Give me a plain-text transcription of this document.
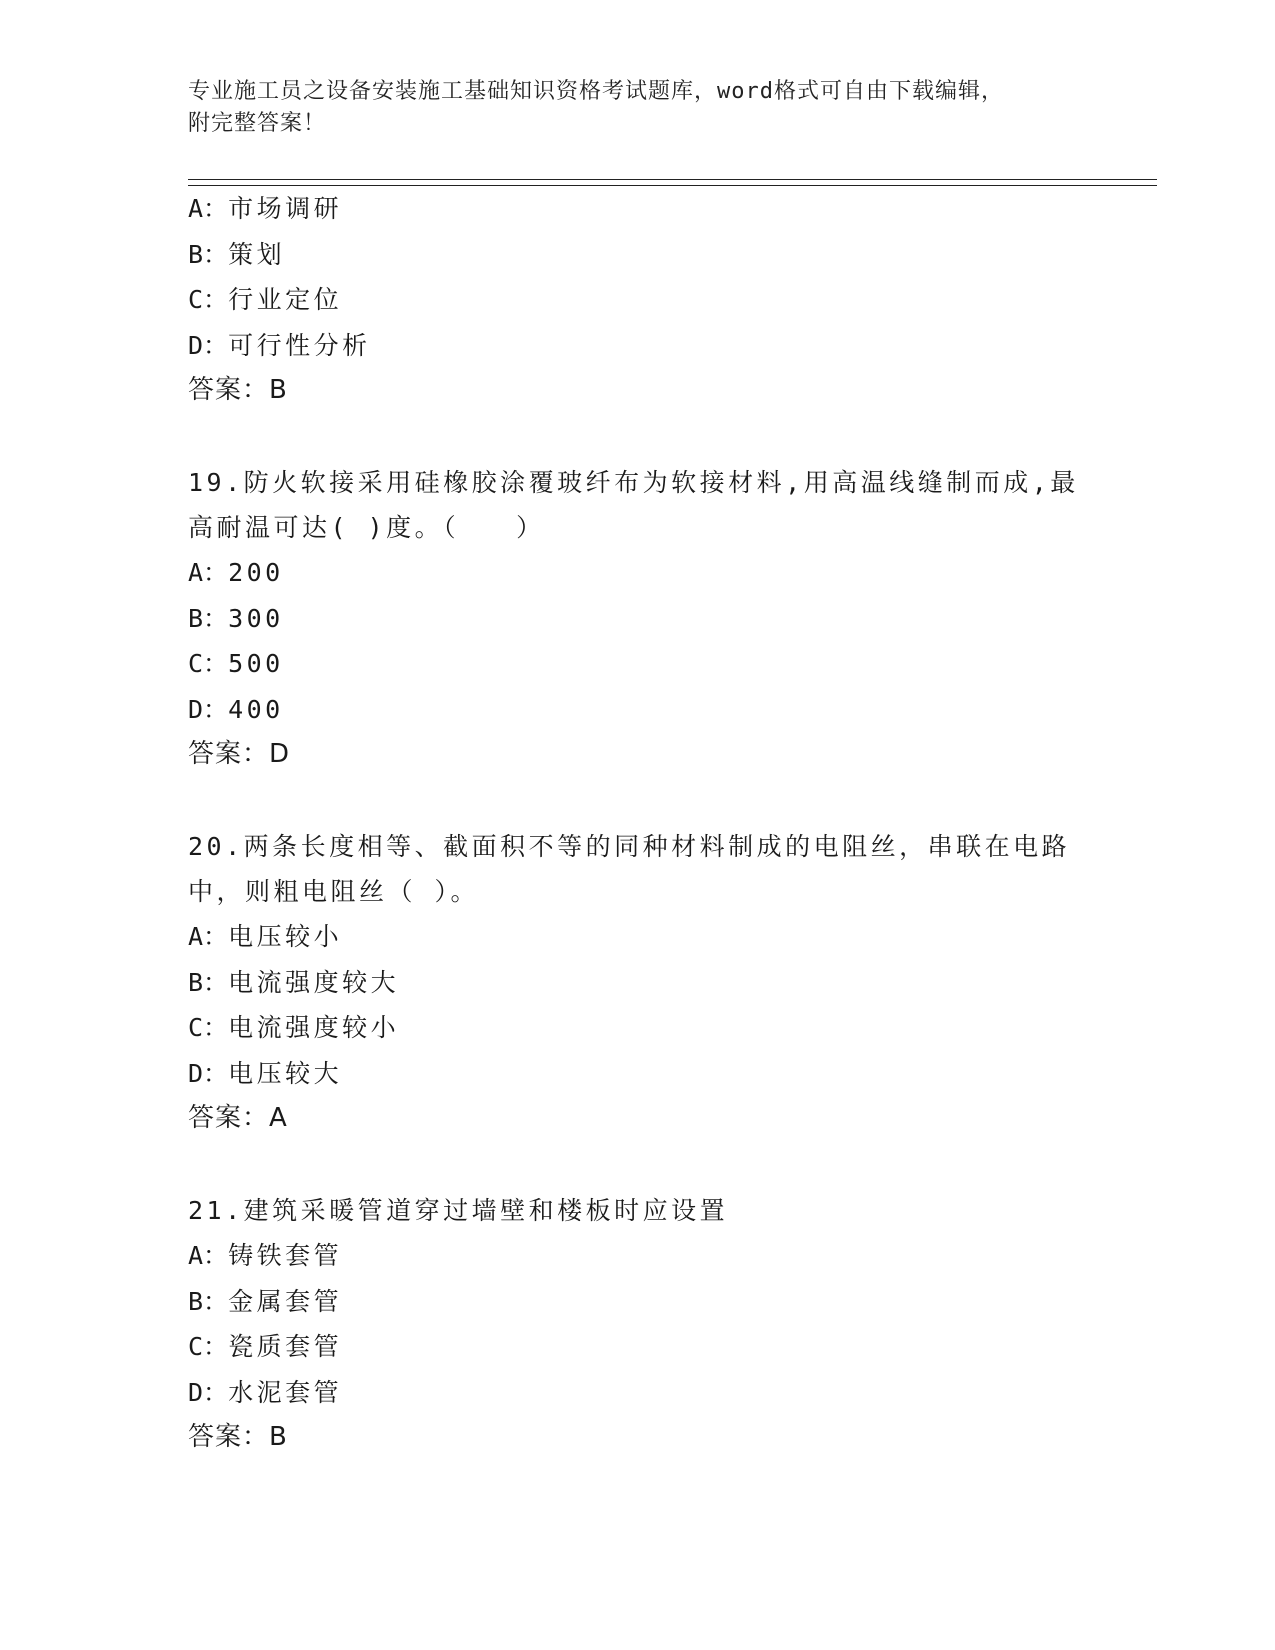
专业施工员之设备安装施工基础知识资格考试题库，word格式可自由下载编辑，
附完整答案！

A：市场调研

B：策划

C：行业定位

D：可行性分析

答案：B

19.防火软接采用硅橡胶涂覆玻纤布为软接材料,用高温线缝制而成,最

高耐温可达( )度。（　　）

A：200

B：300

C：500

D：400

答案：D

20.两条长度相等、截面积不等的同种材料制成的电阻丝，串联在电路

中，则粗电阻丝（ ）。

A：电压较小

B：电流强度较大

C：电流强度较小

D：电压较大

答案：A

21.建筑采暖管道穿过墙壁和楼板时应设置

A：铸铁套管

B：金属套管

C：瓷质套管

D：水泥套管

答案：B
